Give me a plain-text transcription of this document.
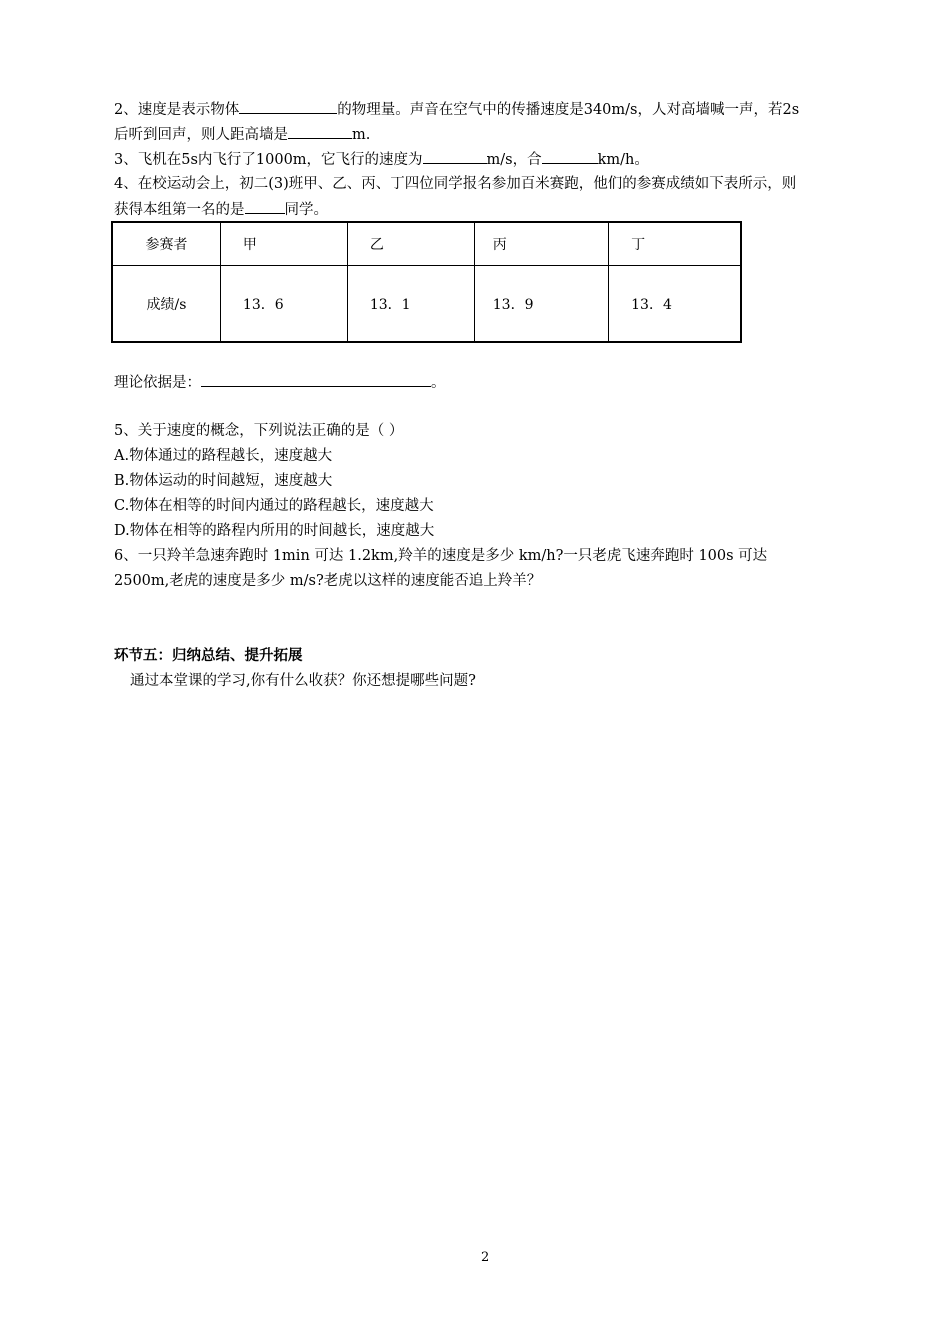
2、速度是表示物体	的物理量。声音在空气中的传播速度是340m/s，人对高墙喊一声，若2s
后听到回声，则人距高墙是	m.
3、飞机在5s内飞行了1000m，它飞行的速度为	m/s，合	km/h。
4、在校运动会上，初二(3)班甲、乙、丙、丁四位同学报名参加百米赛跑，他们的参赛成绩如下表所示，则
获得本组第一名的是	同学。
参赛者	甲	乙	丙	丁
成绩/s	13．6	13．1	13．9	13．4
理论依据是：	。
5、关于速度的概念，下列说法正确的是（ ）
A.物体通过的路程越长，速度越大
B.物体运动的时间越短，速度越大
C.物体在相等的时间内通过的路程越长，速度越大
D.物体在相等的路程内所用的时间越长，速度越大
6、一只羚羊急速奔跑时 1min 可达 1.2km,羚羊的速度是多少 km/h?一只老虎飞速奔跑时 100s 可达
2500m,老虎的速度是多少 m/s?老虎以这样的速度能否追上羚羊？
环节五：归纳总结、提升拓展
通过本堂课的学习,你有什么收获？你还想提哪些问题?
2
